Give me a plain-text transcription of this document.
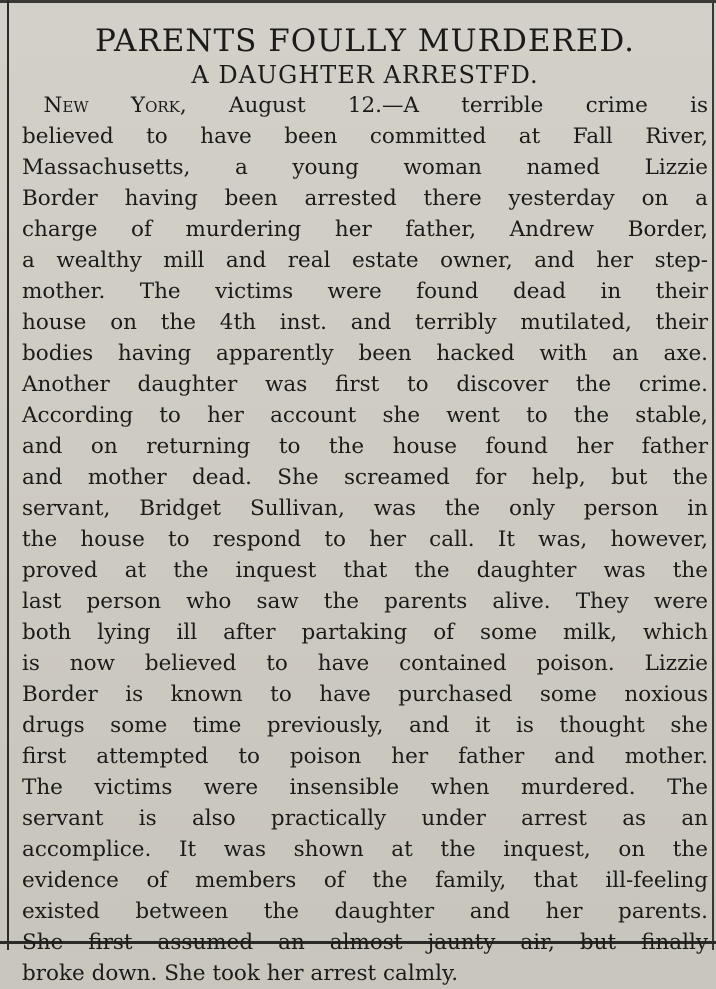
PARENTS FOULLY MURDERED.
A DAUGHTER ARRESTFD.
 New York, August 12.—A terrible crime is
believed to have been committed at Fall River,
Massachusetts, a young woman named Lizzie
Border having been arrested there yesterday on a
charge of murdering her father, Andrew Border,
a wealthy mill and real estate owner, and her step-
mother. The victims were found dead in their
house on the 4th inst. and terribly mutilated, their
bodies having apparently been hacked with an axe.
Another daughter was first to discover the crime.
According to her account she went to the stable,
and on returning to the house found her father
and mother dead. She screamed for help, but the
servant, Bridget Sullivan, was the only person in
the house to respond to her call. It was, however,
proved at the inquest that the daughter was the
last person who saw the parents alive. They were
both lying ill after partaking of some milk, which
is now believed to have contained poison. Lizzie
Border is known to have purchased some noxious
drugs some time previously, and it is thought she
first attempted to poison her father and mother.
The victims were insensible when murdered. The
servant is also practically under arrest as an
accomplice. It was shown at the inquest, on the
evidence of members of the family, that ill-feeling
existed between the daughter and her parents.
She first assumed an almost jaunty air, but finally
broke down. She took her arrest calmly.
